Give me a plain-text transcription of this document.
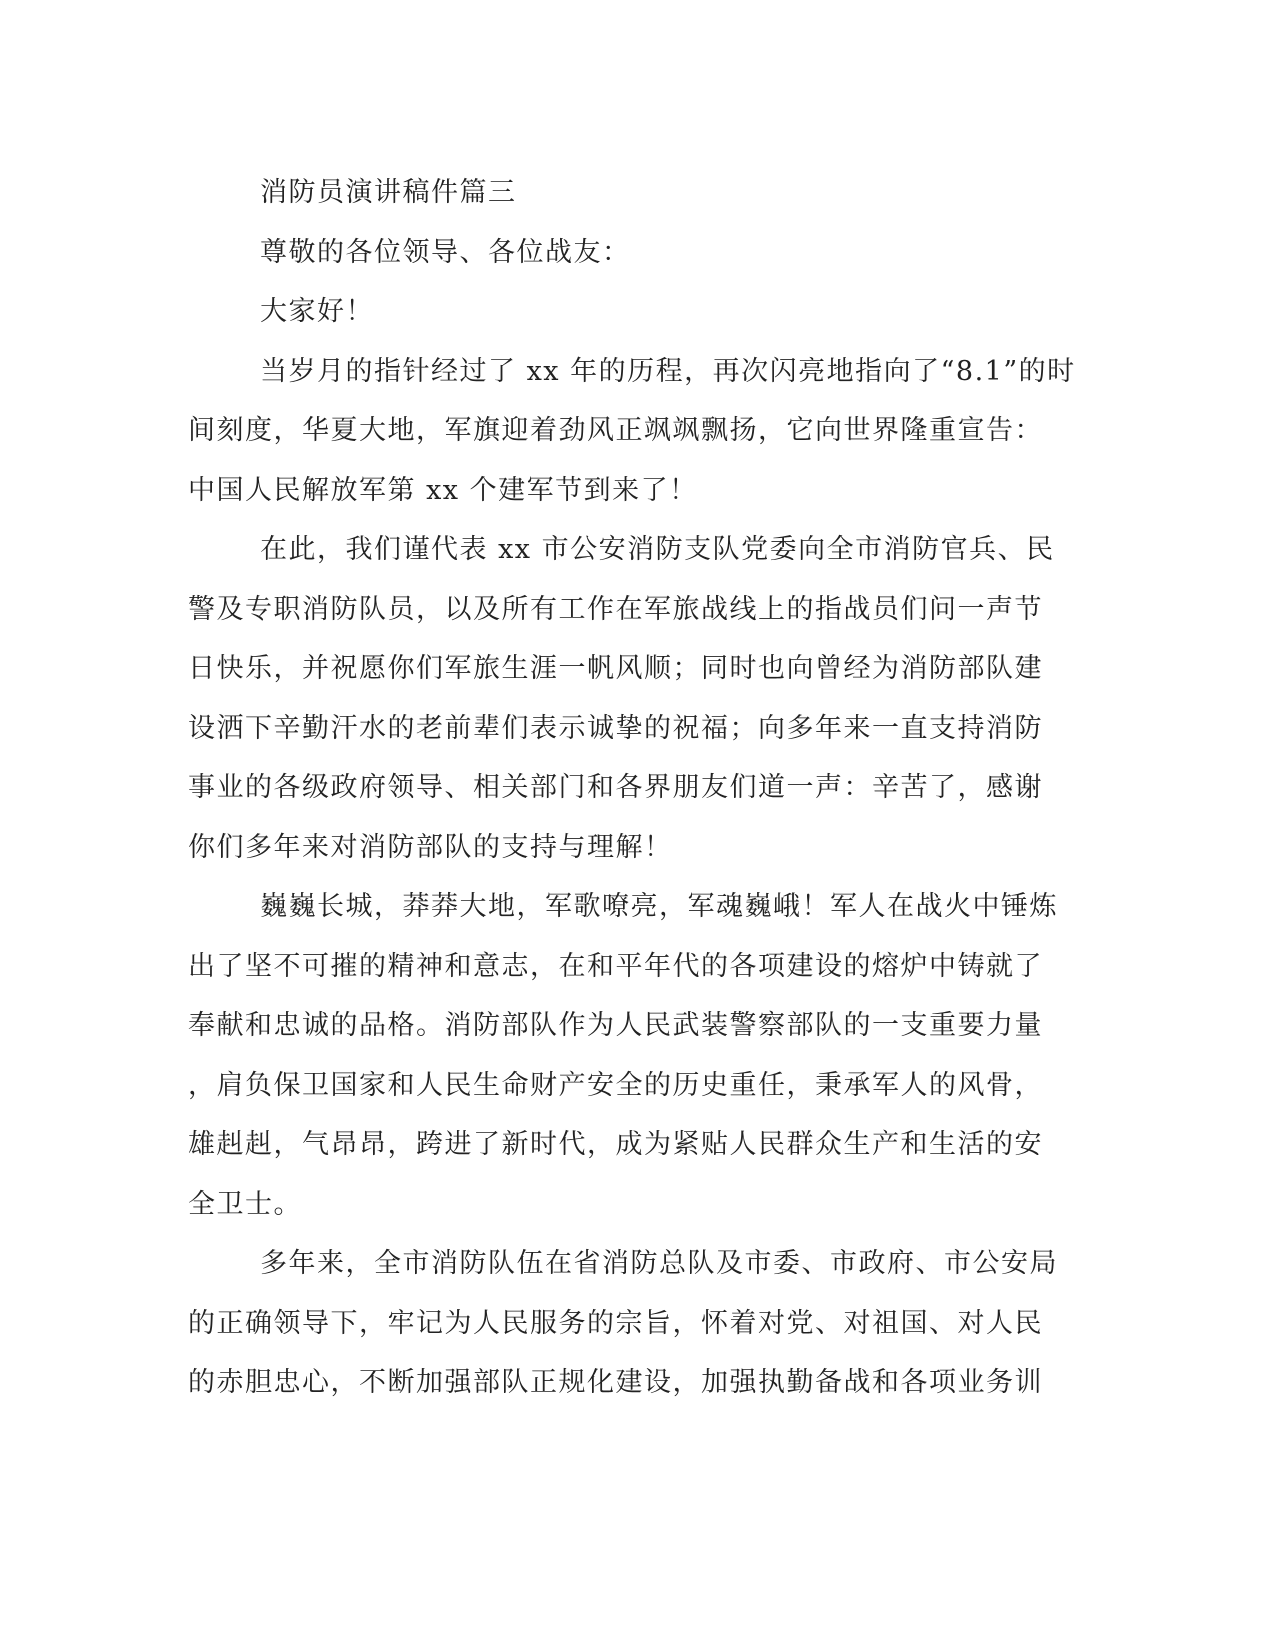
消防员演讲稿件篇三

尊敬的各位领导、各位战友：

大家好！

当岁月的指针经过了 xx 年的历程，再次闪亮地指向了“8.1”的时
间刻度，华夏大地，军旗迎着劲风正飒飒飘扬，它向世界隆重宣告：
中国人民解放军第 xx 个建军节到来了！

在此，我们谨代表 xx 市公安消防支队党委向全市消防官兵、民
警及专职消防队员，以及所有工作在军旅战线上的指战员们问一声节
日快乐，并祝愿你们军旅生涯一帆风顺；同时也向曾经为消防部队建
设洒下辛勤汗水的老前辈们表示诚挚的祝福；向多年来一直支持消防
事业的各级政府领导、相关部门和各界朋友们道一声：辛苦了，感谢
你们多年来对消防部队的支持与理解！

巍巍长城，莽莽大地，军歌嘹亮，军魂巍峨！军人在战火中锤炼
出了坚不可摧的精神和意志，在和平年代的各项建设的熔炉中铸就了
奉献和忠诚的品格。消防部队作为人民武装警察部队的一支重要力量
，肩负保卫国家和人民生命财产安全的历史重任，秉承军人的风骨，
雄赳赳，气昂昂，跨进了新时代，成为紧贴人民群众生产和生活的安
全卫士。

多年来，全市消防队伍在省消防总队及市委、市政府、市公安局
的正确领导下，牢记为人民服务的宗旨，怀着对党、对祖国、对人民
的赤胆忠心，不断加强部队正规化建设，加强执勤备战和各项业务训
